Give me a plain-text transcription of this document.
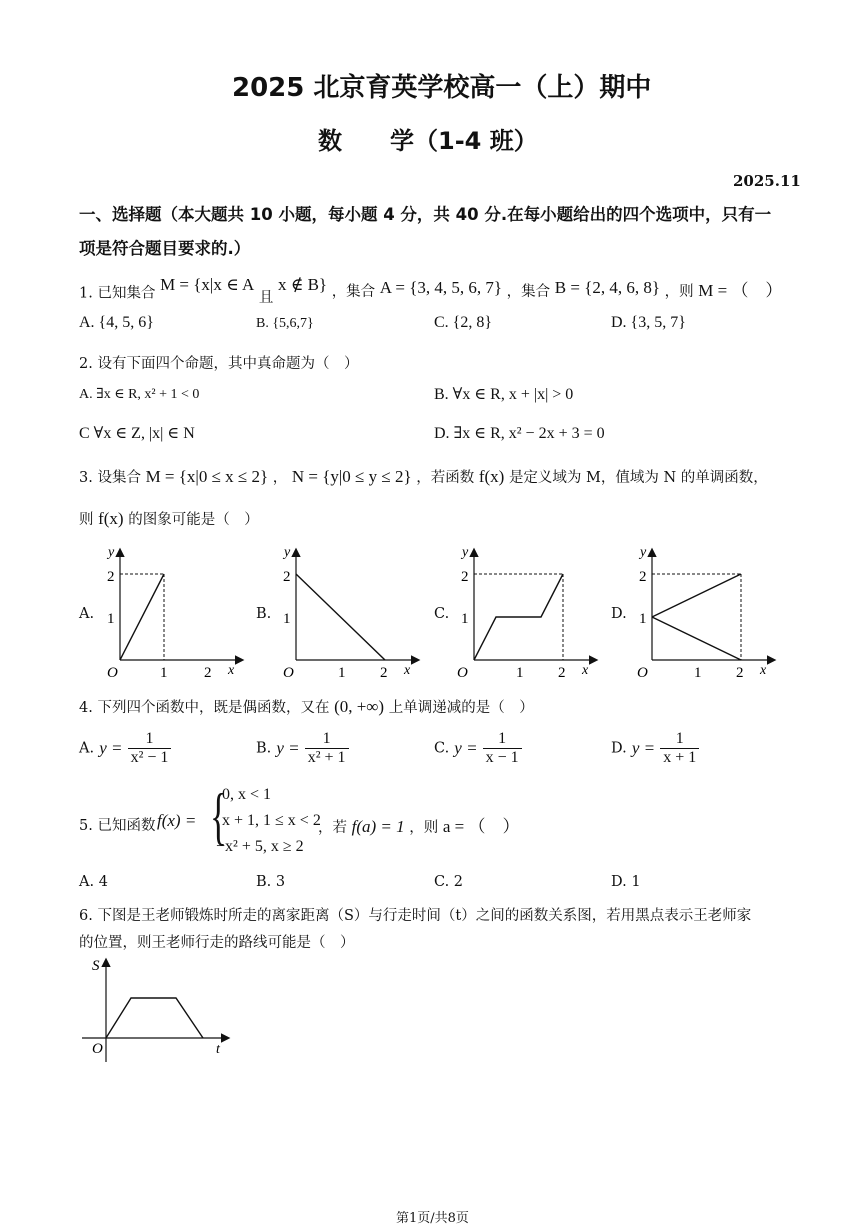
2025 北京育英学校高一（上）期中
数　　学（1-4 班）
2025.11
一、选择题（本大题共 10 小题，每小题 4 分，共 40 分.在每小题给出的四个选项中，只有一
项是符合题目要求的.）
1. 已知集合 M = {x|x ∈ A 且 x ∉ B} ，集合 A = {3, 4, 5, 6, 7} ，集合 B = {2, 4, 6, 8} ，则 M = （　）
A. {4, 5, 6}	B. {5,6,7}	C. {2, 8}	D. {3, 5, 7}
2. 设有下面四个命题，其中真命题为（　）
A. ∃x ∈ R, x² + 1 < 0	B. ∀x ∈ R, x + |x| > 0
C ∀x ∈ Z, |x| ∈ N	D. ∃x ∈ R, x² − 2x + 3 = 0
3. 设集合 M = {x|0 ≤ x ≤ 2} ， N = {y|0 ≤ y ≤ 2} ，若函数 f(x) 是定义域为 M，值域为 N 的单调函数，
则 f(x) 的图象可能是（　）
A.	B.	C.	D.
y
x
O
2
1
1 2
y
x
O
2
1
1 2
y
x
O
2
1
1 2
y
x
O
2
1
1 2
4. 下列四个函数中，既是偶函数，又在 (0, +∞) 上单调递减的是（　）
A. $y = \frac{1}{\text{x² − 1}}$	B. $y = \frac{1}{\text{x² + 1}}$	C. $y = \frac{1}{x - 1}$	D. $y = \frac{1}{x + 1}$
5. 已知函数 f(x) = {
0, x < 1
x + 1, 1 ≤ x < 2
−x² + 5, x ≥ 2
，若 f(a) = 1 ，则 a = （　）
A. 4	B. 3	C. 2	D. 1
6. 下图是王老师锻炼时所走的离家距离（S）与行走时间（t）之间的函数关系图，若用黑点表示王老师家
的位置，则王老师行走的路线可能是（　）
S
t
O
第1页/共8页
